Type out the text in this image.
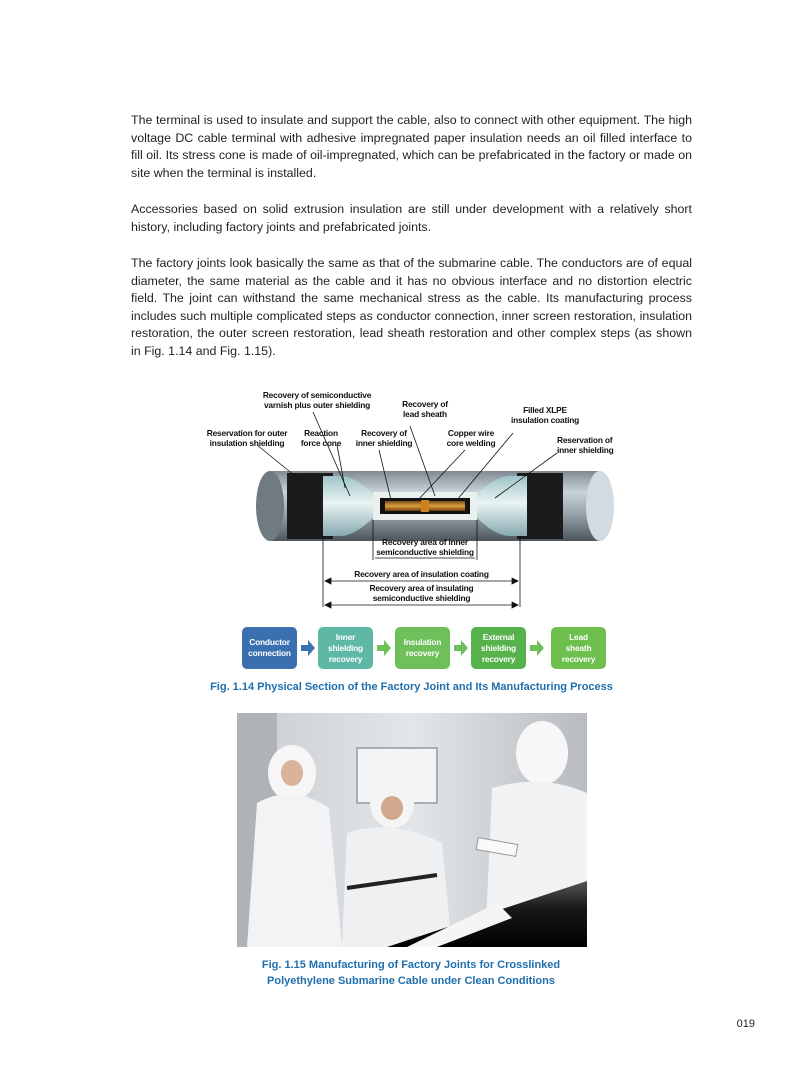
The terminal is used to insulate and support the cable, also to connect with other equipment. The high voltage DC cable terminal with adhesive impregnated paper insulation needs an oil filled interface to fill oil. Its stress cone is made of oil-impregnated, which can be prefabricated in the factory or made on site when the terminal is installed.

Accessories based on solid extrusion insulation are still under development with a relatively short history, including factory joints and prefabricated joints.

The factory joints look basically the same as that of the submarine cable. The conductors are of equal diameter, the same material as the cable and it has no obvious interface and no distortion electric field. The joint can withstand the same mechanical stress as the cable. Its manufacturing process includes such multiple complicated steps as conductor connection, inner screen restoration, insulation restoration, the outer screen restoration, lead sheath restoration and other complex steps (as shown in Fig. 1.14 and Fig. 1.15).

Recovery of semiconductive
varnish plus outer shielding	Recovery of
lead sheath	Filled XLPE
insulation coating
Reservation for outer
insulation shielding
Reaction
force cone
Recovery of
inner shielding
Copper wire
core welding	Reservation of
inner shielding
Recovery area of inner
semiconductive shielding
Recovery area of insulation coating
Recovery area of insulating
semiconductive shielding
Conductor
connection
Inner
shielding
recovery
Insulation
recovery
External
shielding
recovery
Lead
sheath
recovery
Fig. 1.14 Physical Section of the Factory Joint and Its Manufacturing Process
Fig. 1.15 Manufacturing of Factory Joints for Crosslinked
Polyethylene Submarine Cable under Clean Conditions
019
